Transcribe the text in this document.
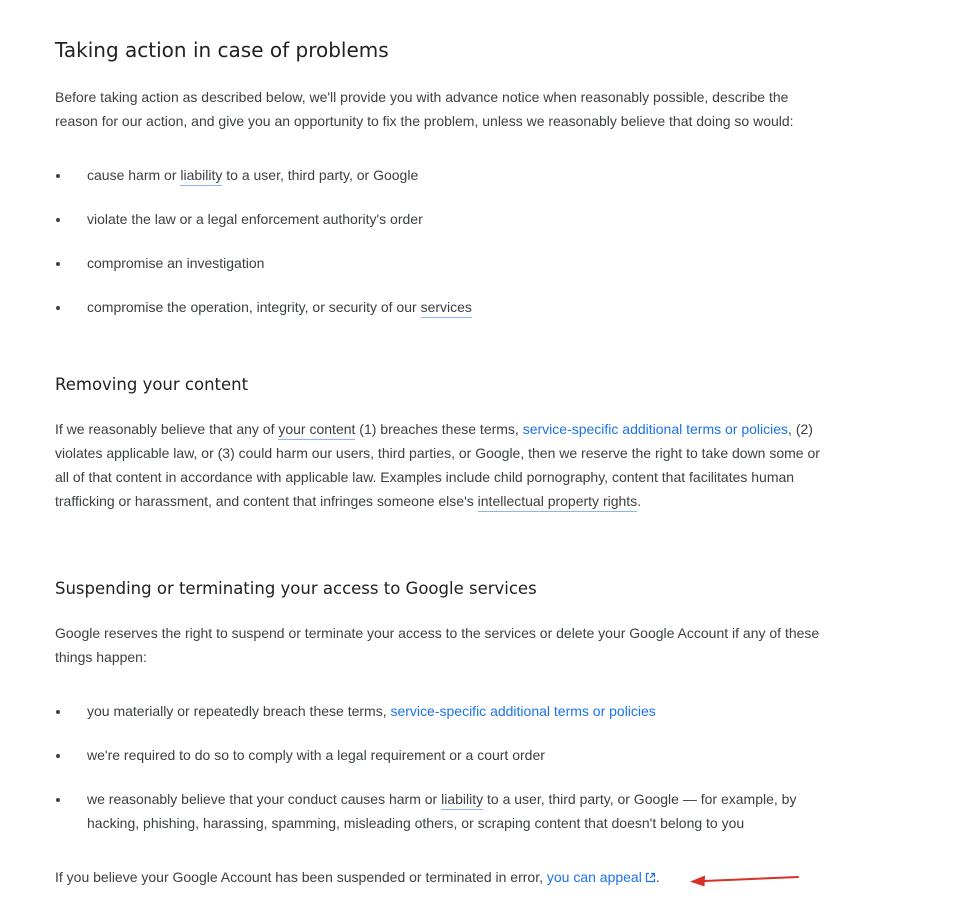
Taking action in case of problems

Before taking action as described below, we'll provide you with advance notice when reasonably possible, describe the reason for our action, and give you an opportunity to fix the problem, unless we reasonably believe that doing so would:

cause harm or liability to a user, third party, or Google
violate the law or a legal enforcement authority's order
compromise an investigation
compromise the operation, integrity, or security of our services
Removing your content

If we reasonably believe that any of your content (1) breaches these terms, service-specific additional terms or policies, (2) violates applicable law, or (3) could harm our users, third parties, or Google, then we reserve the right to take down some or all of that content in accordance with applicable law. Examples include child pornography, content that facilitates human trafficking or harassment, and content that infringes someone else's intellectual property rights.

Suspending or terminating your access to Google services

Google reserves the right to suspend or terminate your access to the services or delete your Google Account if any of these things happen:

you materially or repeatedly breach these terms, service-specific additional terms or policies
we're required to do so to comply with a legal requirement or a court order
we reasonably believe that your conduct causes harm or liability to a user, third party, or Google — for example, by hacking, phishing, harassing, spamming, misleading others, or scraping content that doesn't belong to you

If you believe your Google Account has been suspended or terminated in error, you can appeal .
